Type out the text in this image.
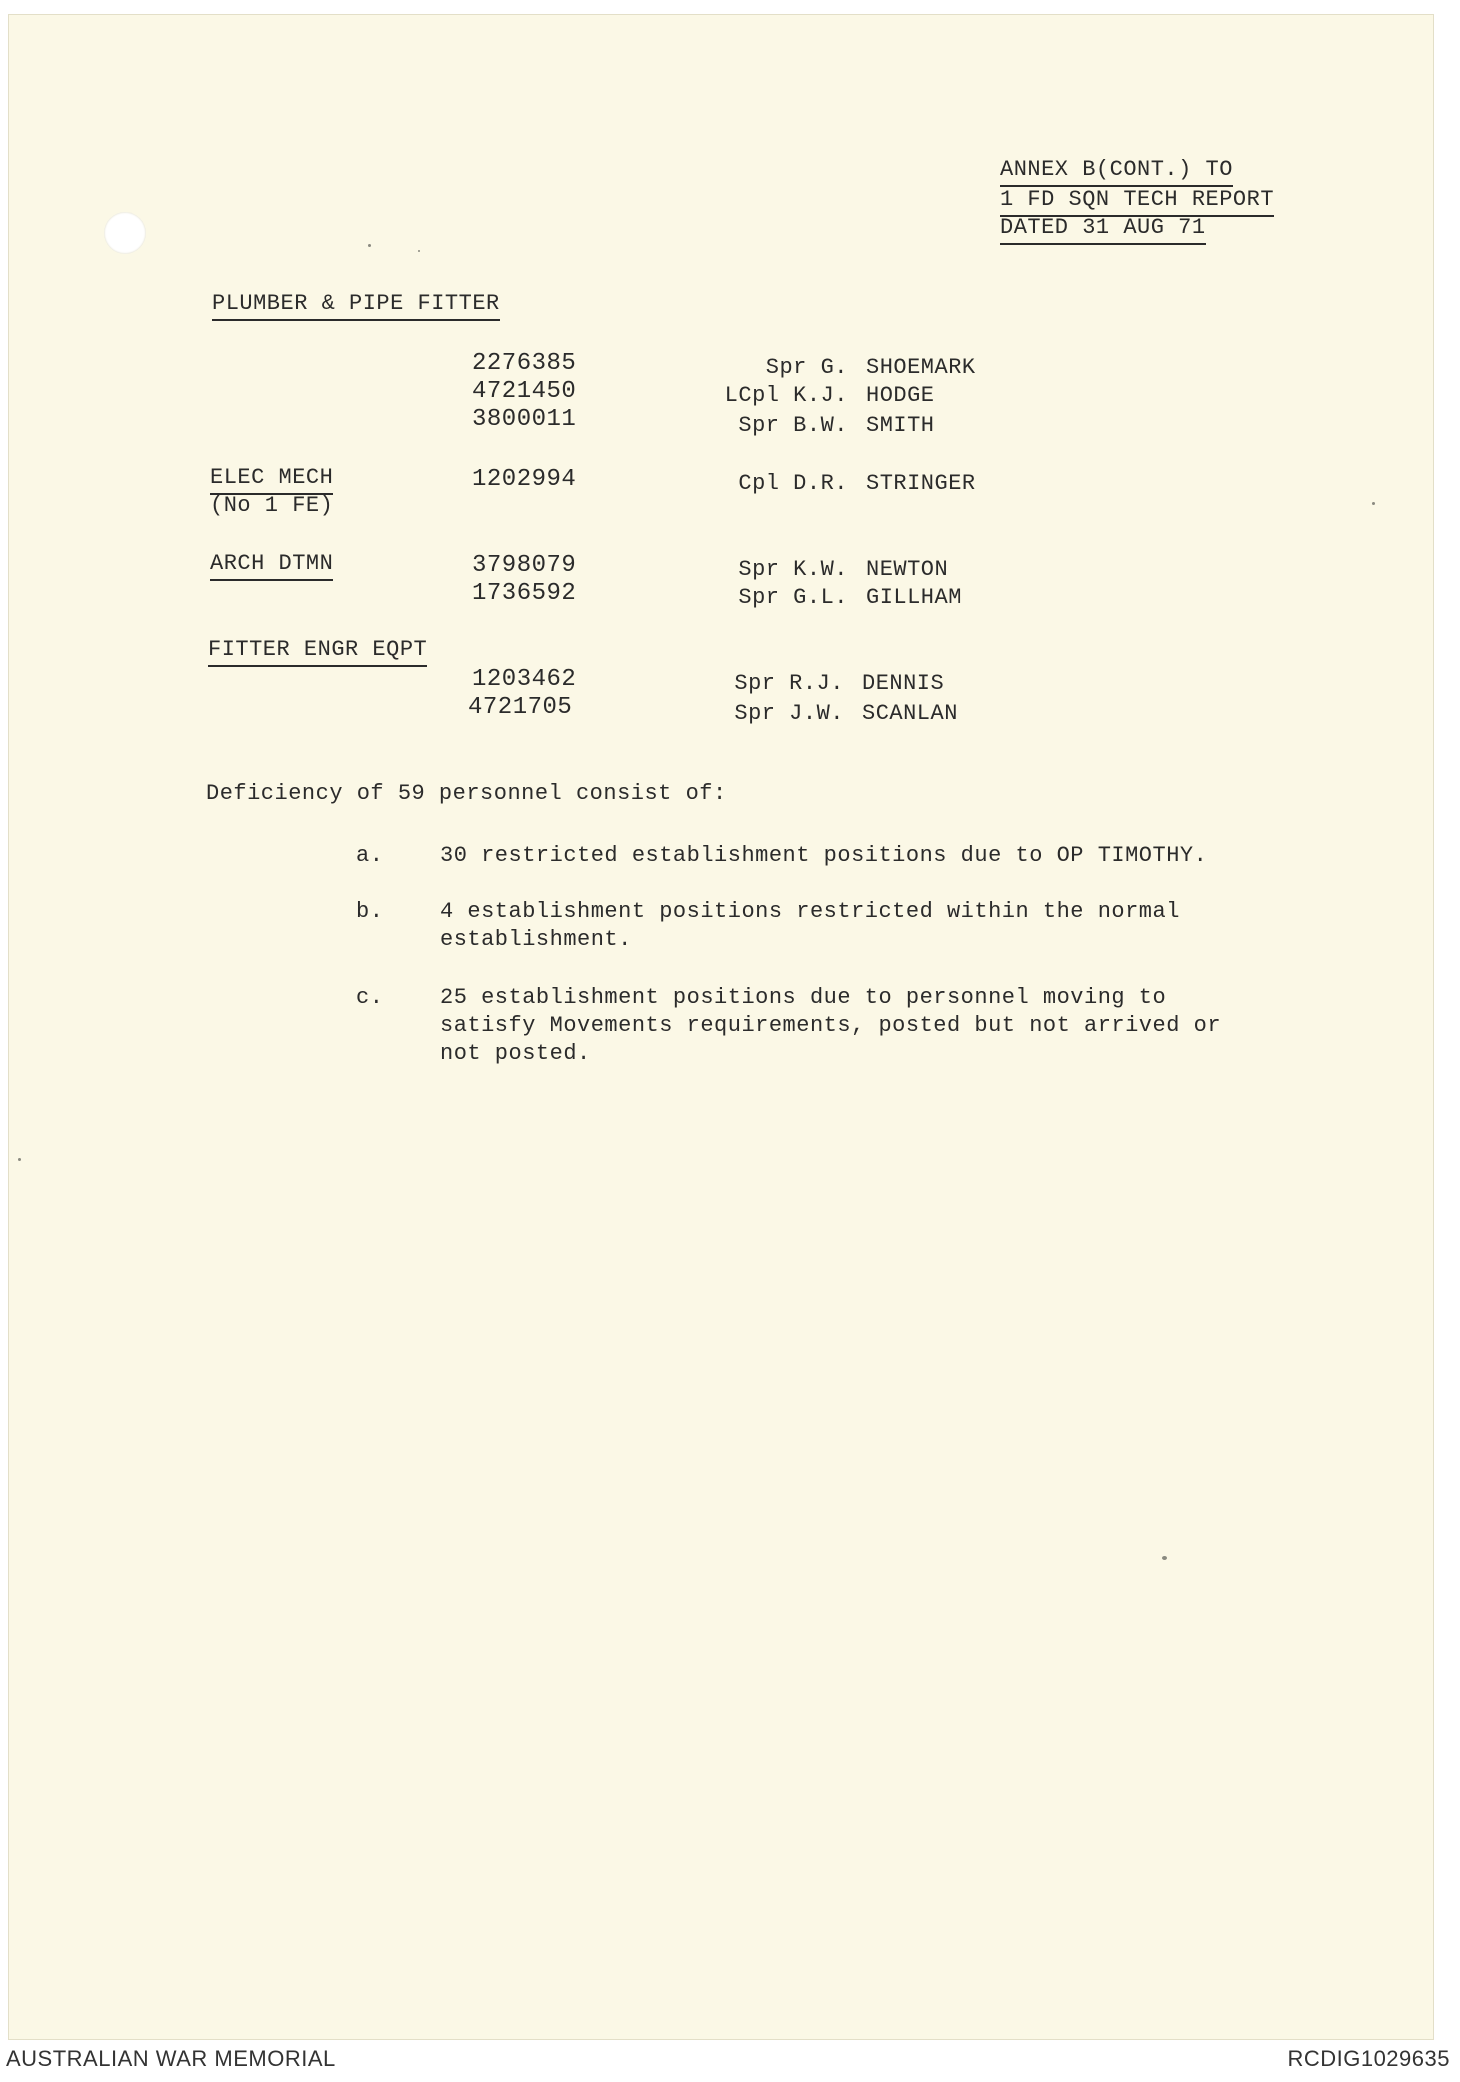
ANNEX B(CONT.) TO
1 FD SQN TECH REPORT
DATED 31 AUG 71
PLUMBER & PIPE FITTER
2276385	Spr G. SHOEMARK
4721450	LCpl K.J. HODGE
3800011	Spr B.W. SMITH
ELEC MECH
(No 1 FE)
1202994	Cpl D.R. STRINGER
ARCH DTMN	3798079	Spr K.W. NEWTON
1736592	Spr G.L. GILLHAM
FITTER ENGR EQPT
1203462	Spr R.J. DENNIS
4721705	Spr J.W. SCANLAN
Deficiency of 59 personnel consist of:
a.	30 restricted establishment positions due to OP TIMOTHY.
b.	4 establishment positions restricted within the normal establishment.
c.	25 establishment positions due to personnel moving to satisfy Movements requirements, posted but not arrived or not posted.
AUSTRALIAN WAR MEMORIAL	RCDIG1029635
